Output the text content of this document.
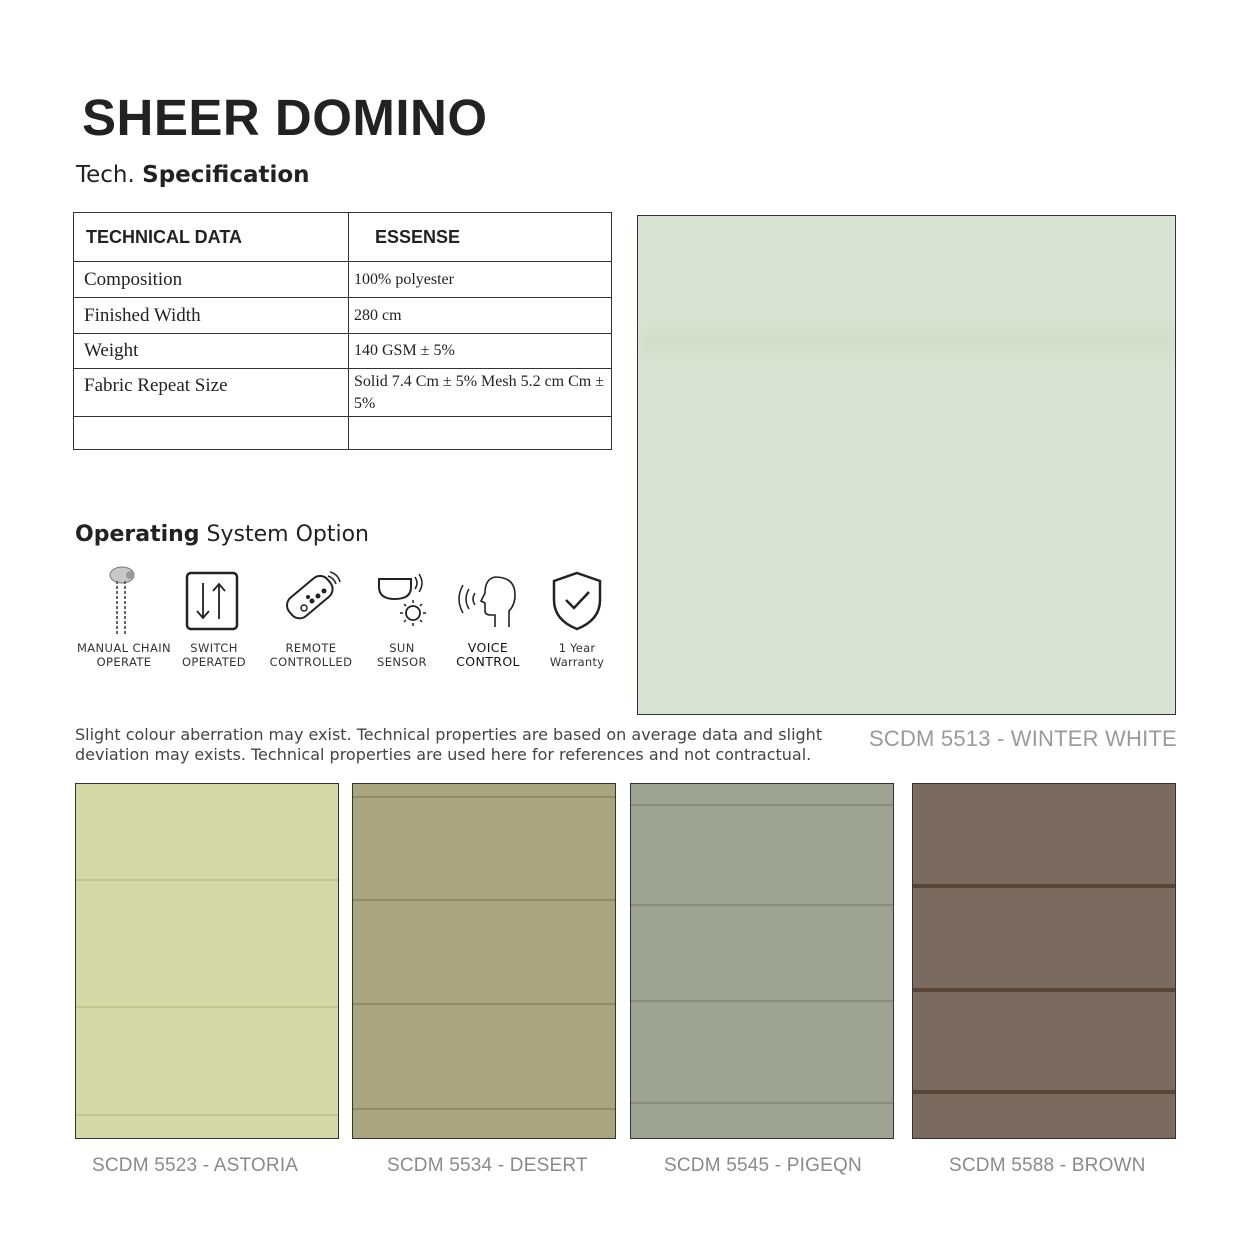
SHEER DOMINO
Tech. Specification
TECHNICAL DATA	ESSENSE
Composition	100% polyester
Finished Width	280 cm
Weight	140 GSM ± 5%
Fabric Repeat Size	Solid 7.4 Cm ± 5% Mesh 5.2 cm Cm ± 5%

Operating System Option
MANUAL CHAIN
OPERATE
SWITCH
OPERATED
REMOTE
CONTROLLED
SUN
SENSOR
VOICE
CONTROL
1 Year
Warranty
Slight colour aberration may exist. Technical properties are based on average data and slight deviation may exists. Technical properties are used here for references and not contractual.
SCDM 5513 - WINTER WHITE
SCDM 5523 - ASTORIA	SCDM 5534 - DESERT	SCDM 5545 - PIGEQN	SCDM 5588 - BROWN
